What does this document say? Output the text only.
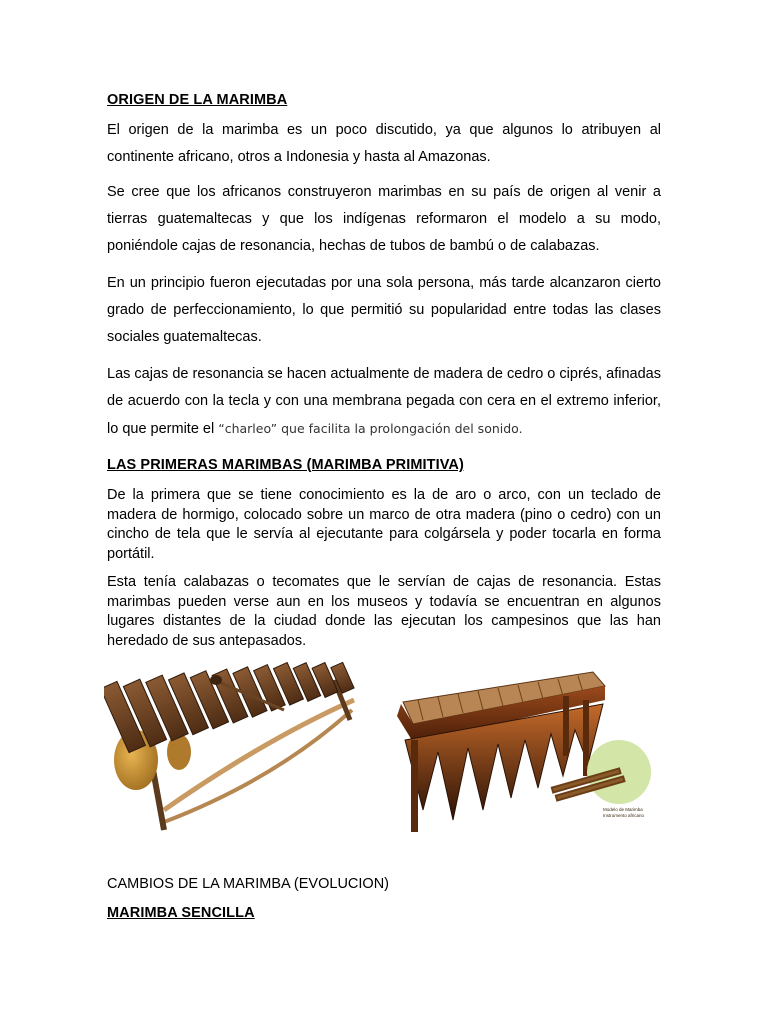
ORIGEN DE LA MARIMBA

El origen de la marimba es un poco discutido, ya que algunos lo atribuyen al continente africano, otros a Indonesia y hasta al Amazonas.

Se cree que los africanos construyeron marimbas en su país de origen al venir a tierras guatemaltecas y que los indígenas reformaron el modelo a su modo, poniéndole cajas de resonancia, hechas de tubos de bambú o de calabazas.

En un principio fueron ejecutadas por una sola persona, más tarde alcanzaron cierto grado de perfeccionamiento, lo que permitió su popularidad entre todas las clases sociales guatemaltecas.

Las cajas de resonancia se hacen actualmente de madera de cedro o ciprés, afinadas de acuerdo con la tecla y con una membrana pegada con cera en el extremo inferior, lo que permite el “charleo” que facilita la prolongación del sonido.

LAS PRIMERAS MARIMBAS (MARIMBA PRIMITIVA)

De la primera que se tiene conocimiento es la de aro o arco, con un teclado de madera de hormigo, colocado sobre un marco de otra madera (pino o cedro) con un cincho de tela que le servía al ejecutante para colgársela y poder tocarla en forma portátil.

Esta tenía calabazas o tecomates que le servían de cajas de resonancia. Estas marimbas pueden verse aun en los museos y todavía se encuentran en algunos lugares distantes de la ciudad donde las ejecutan los campesinos que las han heredado de sus antepasados.

Modelo de Marimba
Instrumento africano
CAMBIOS DE LA MARIMBA (EVOLUCION)
MARIMBA SENCILLA
